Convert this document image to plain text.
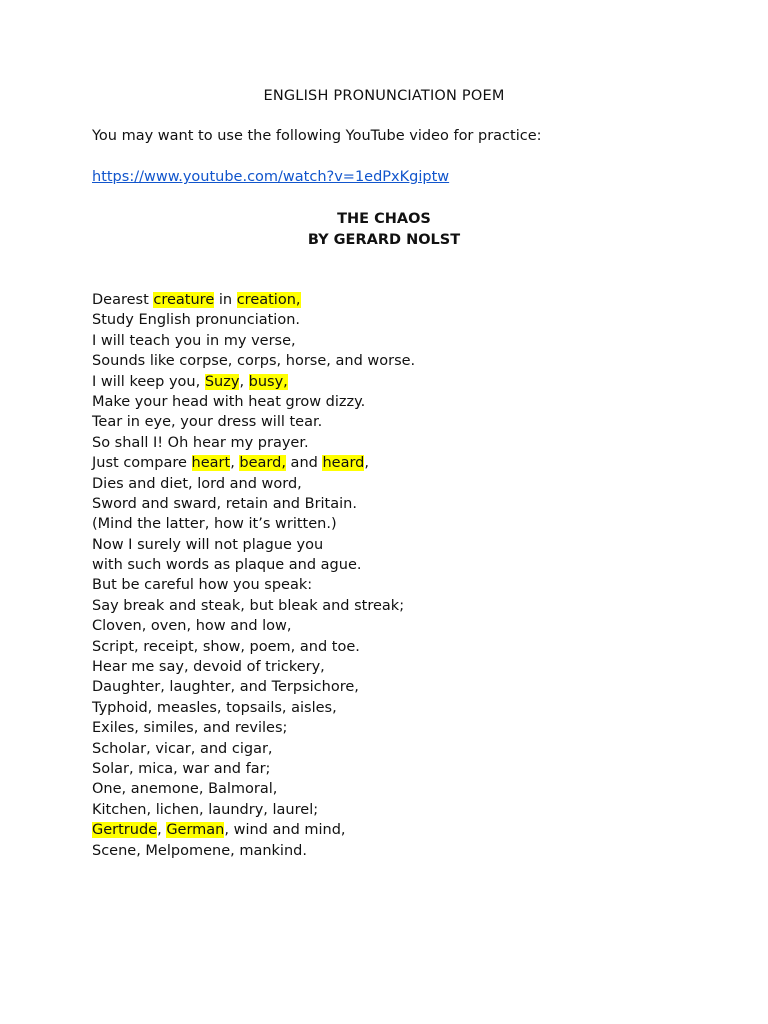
ENGLISH PRONUNCIATION POEM
You may want to use the following YouTube video for practice:
https://www.youtube.com/watch?v=1edPxKgiptw
THE CHAOS
BY GERARD NOLST
Dearest creature in creation,
Study English pronunciation.
I will teach you in my verse,
Sounds like corpse, corps, horse, and worse.
I will keep you, Suzy, busy,
Make your head with heat grow dizzy.
Tear in eye, your dress will tear.
So shall I! Oh hear my prayer.
Just compare heart, beard, and heard,
Dies and diet, lord and word,
Sword and sward, retain and Britain.
(Mind the latter, how it’s written.)
Now I surely will not plague you
with such words as plaque and ague.
But be careful how you speak:
Say break and steak, but bleak and streak;
Cloven, oven, how and low,
Script, receipt, show, poem, and toe.
Hear me say, devoid of trickery,
Daughter, laughter, and Terpsichore,
Typhoid, measles, topsails, aisles,
Exiles, similes, and reviles;
Scholar, vicar, and cigar,
Solar, mica, war and far;
One, anemone, Balmoral,
Kitchen, lichen, laundry, laurel;
Gertrude, German, wind and mind,
Scene, Melpomene, mankind.
